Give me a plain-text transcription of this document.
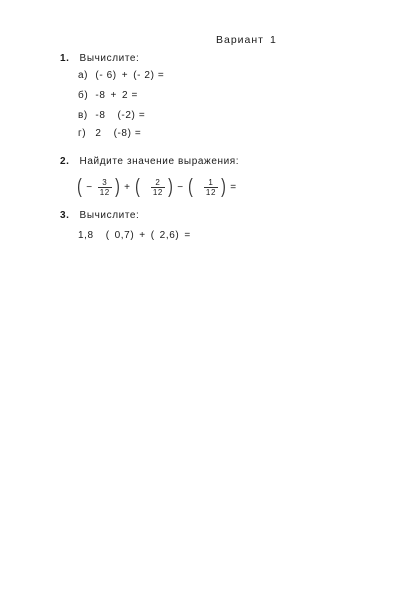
Вариант 1
1. Вычислите:
а) (- 6) + (- 2) =
б) -8 + 2 =
в) -8 (-2) =
г) 2 (-8) =
2. Найдите значение выражения:
( − $\frac{3}{12}$ ) + ( $\frac{2}{12}$ ) − ( $\frac{1}{12}$ ) =
3. Вычислите:
1,8 ( 0,7) + ( 2,6) =
